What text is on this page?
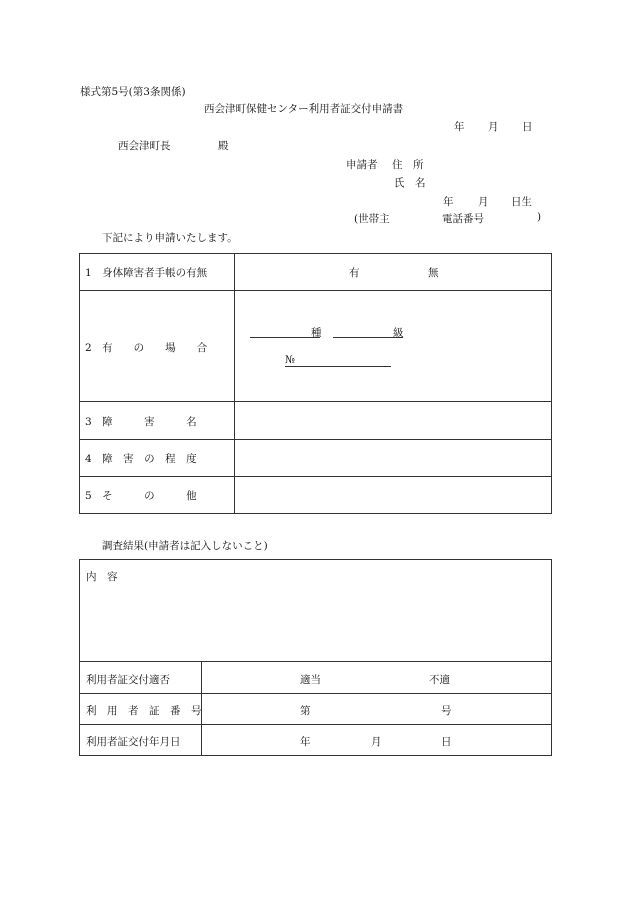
様式第5号(第3条関係)
西会津町保健センター利用者証交付申請書
年 月 日
西会津町長	殿
申請者 住　所
氏　名
年 月 日生
(世帯主	電話番号	)
下記により申請いたします。
1　身体障害者手帳の有無	有	無
2　有　　の　　場　　合
種	級
№
3　障　　　害　　　名
4　障　害　の　程　度
5　そ　　　の　　　他
調査結果(申請者は記入しないこと)
内　容
利用者証交付適否	適当	不適
利　用　者　証　番　号	第	号
利用者証交付年月日	年	月	日
